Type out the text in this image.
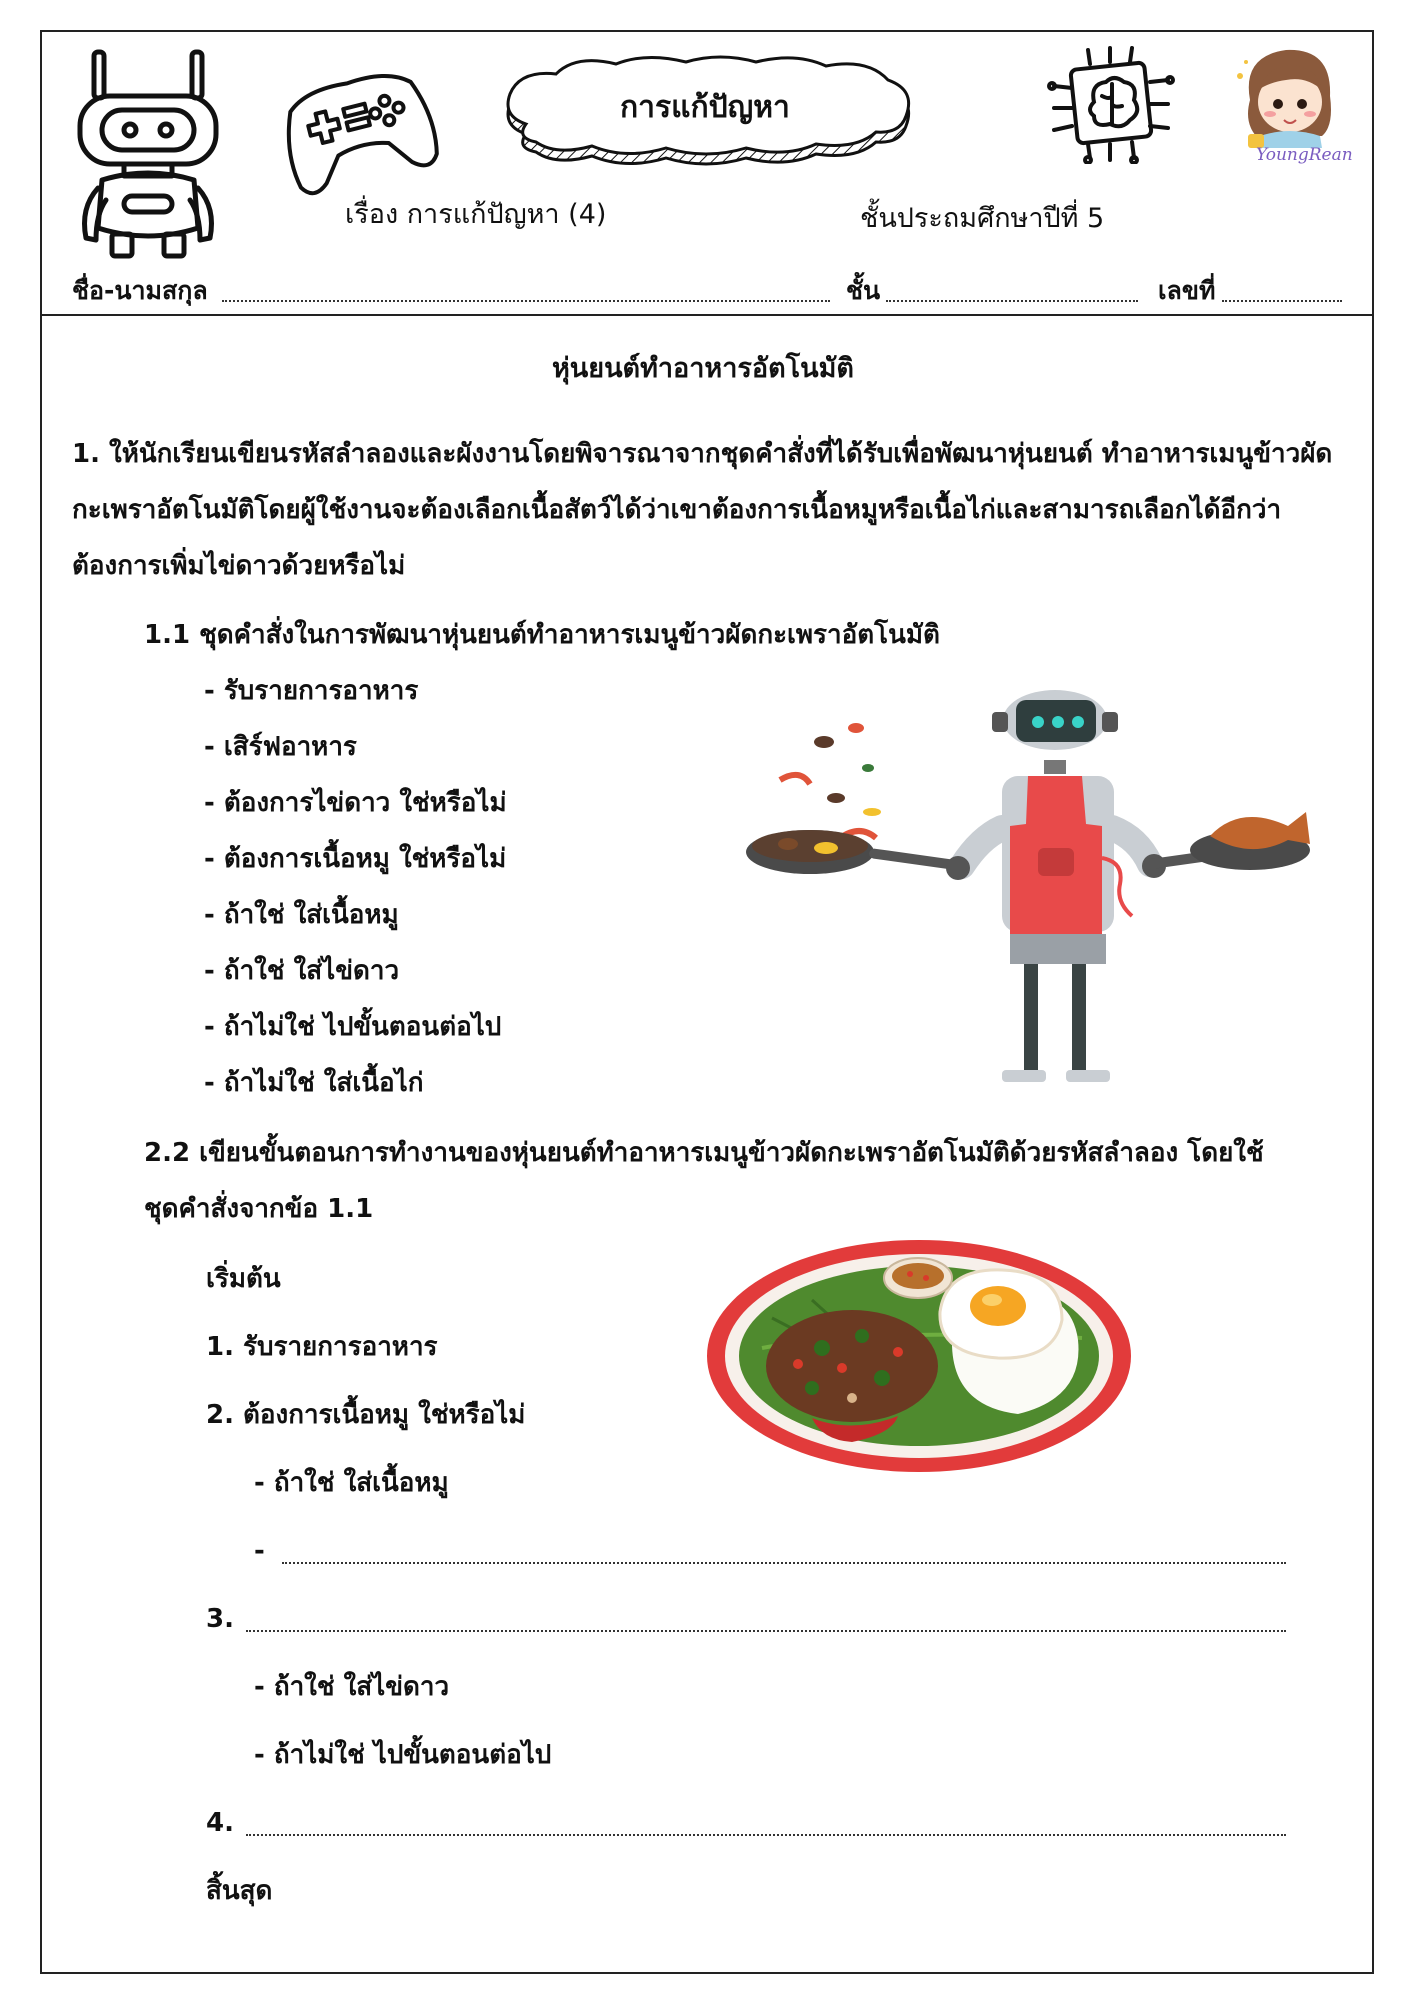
การแก้ปัญหา
YoungRean
เรื่อง การแก้ปัญหา (4)	ชั้นประถมศึกษาปีที่ 5
ชื่อ-นามสกุล	ชั้น	เลขที่
หุ่นยนต์ทำอาหารอัตโนมัติ
1. ให้นักเรียนเขียนรหัสลำลองและผังงานโดยพิจารณาจากชุดคำสั่งที่ได้รับเพื่อพัฒนาหุ่นยนต์ ทำอาหารเมนูข้าวผัดกะเพราอัตโนมัติโดยผู้ใช้งานจะต้องเลือกเนื้อสัตว์ได้ว่าเขาต้องการเนื้อหมูหรือเนื้อไก่และสามารถเลือกได้อีกว่าต้องการเพิ่มไข่ดาวด้วยหรือไม่
1.1 ชุดคำสั่งในการพัฒนาหุ่นยนต์ทำอาหารเมนูข้าวผัดกะเพราอัตโนมัติ
- รับรายการอาหาร
- เสิร์ฟอาหาร
- ต้องการไข่ดาว ใช่หรือไม่
- ต้องการเนื้อหมู ใช่หรือไม่
- ถ้าใช่ ใส่เนื้อหมู
- ถ้าใช่ ใส่ไข่ดาว
- ถ้าไม่ใช่ ไปขั้นตอนต่อไป
- ถ้าไม่ใช่ ใส่เนื้อไก่
2.2 เขียนขั้นตอนการทำงานของหุ่นยนต์ทำอาหารเมนูข้าวผัดกะเพราอัตโนมัติด้วยรหัสลำลอง โดยใช้
ชุดคำสั่งจากข้อ 1.1
เริ่มต้น
1. รับรายการอาหาร
2. ต้องการเนื้อหมู ใช่หรือไม่
- ถ้าใช่ ใส่เนื้อหมู
-
3.
- ถ้าใช่ ใส่ไข่ดาว
- ถ้าไม่ใช่ ไปขั้นตอนต่อไป
4.
สิ้นสุด
